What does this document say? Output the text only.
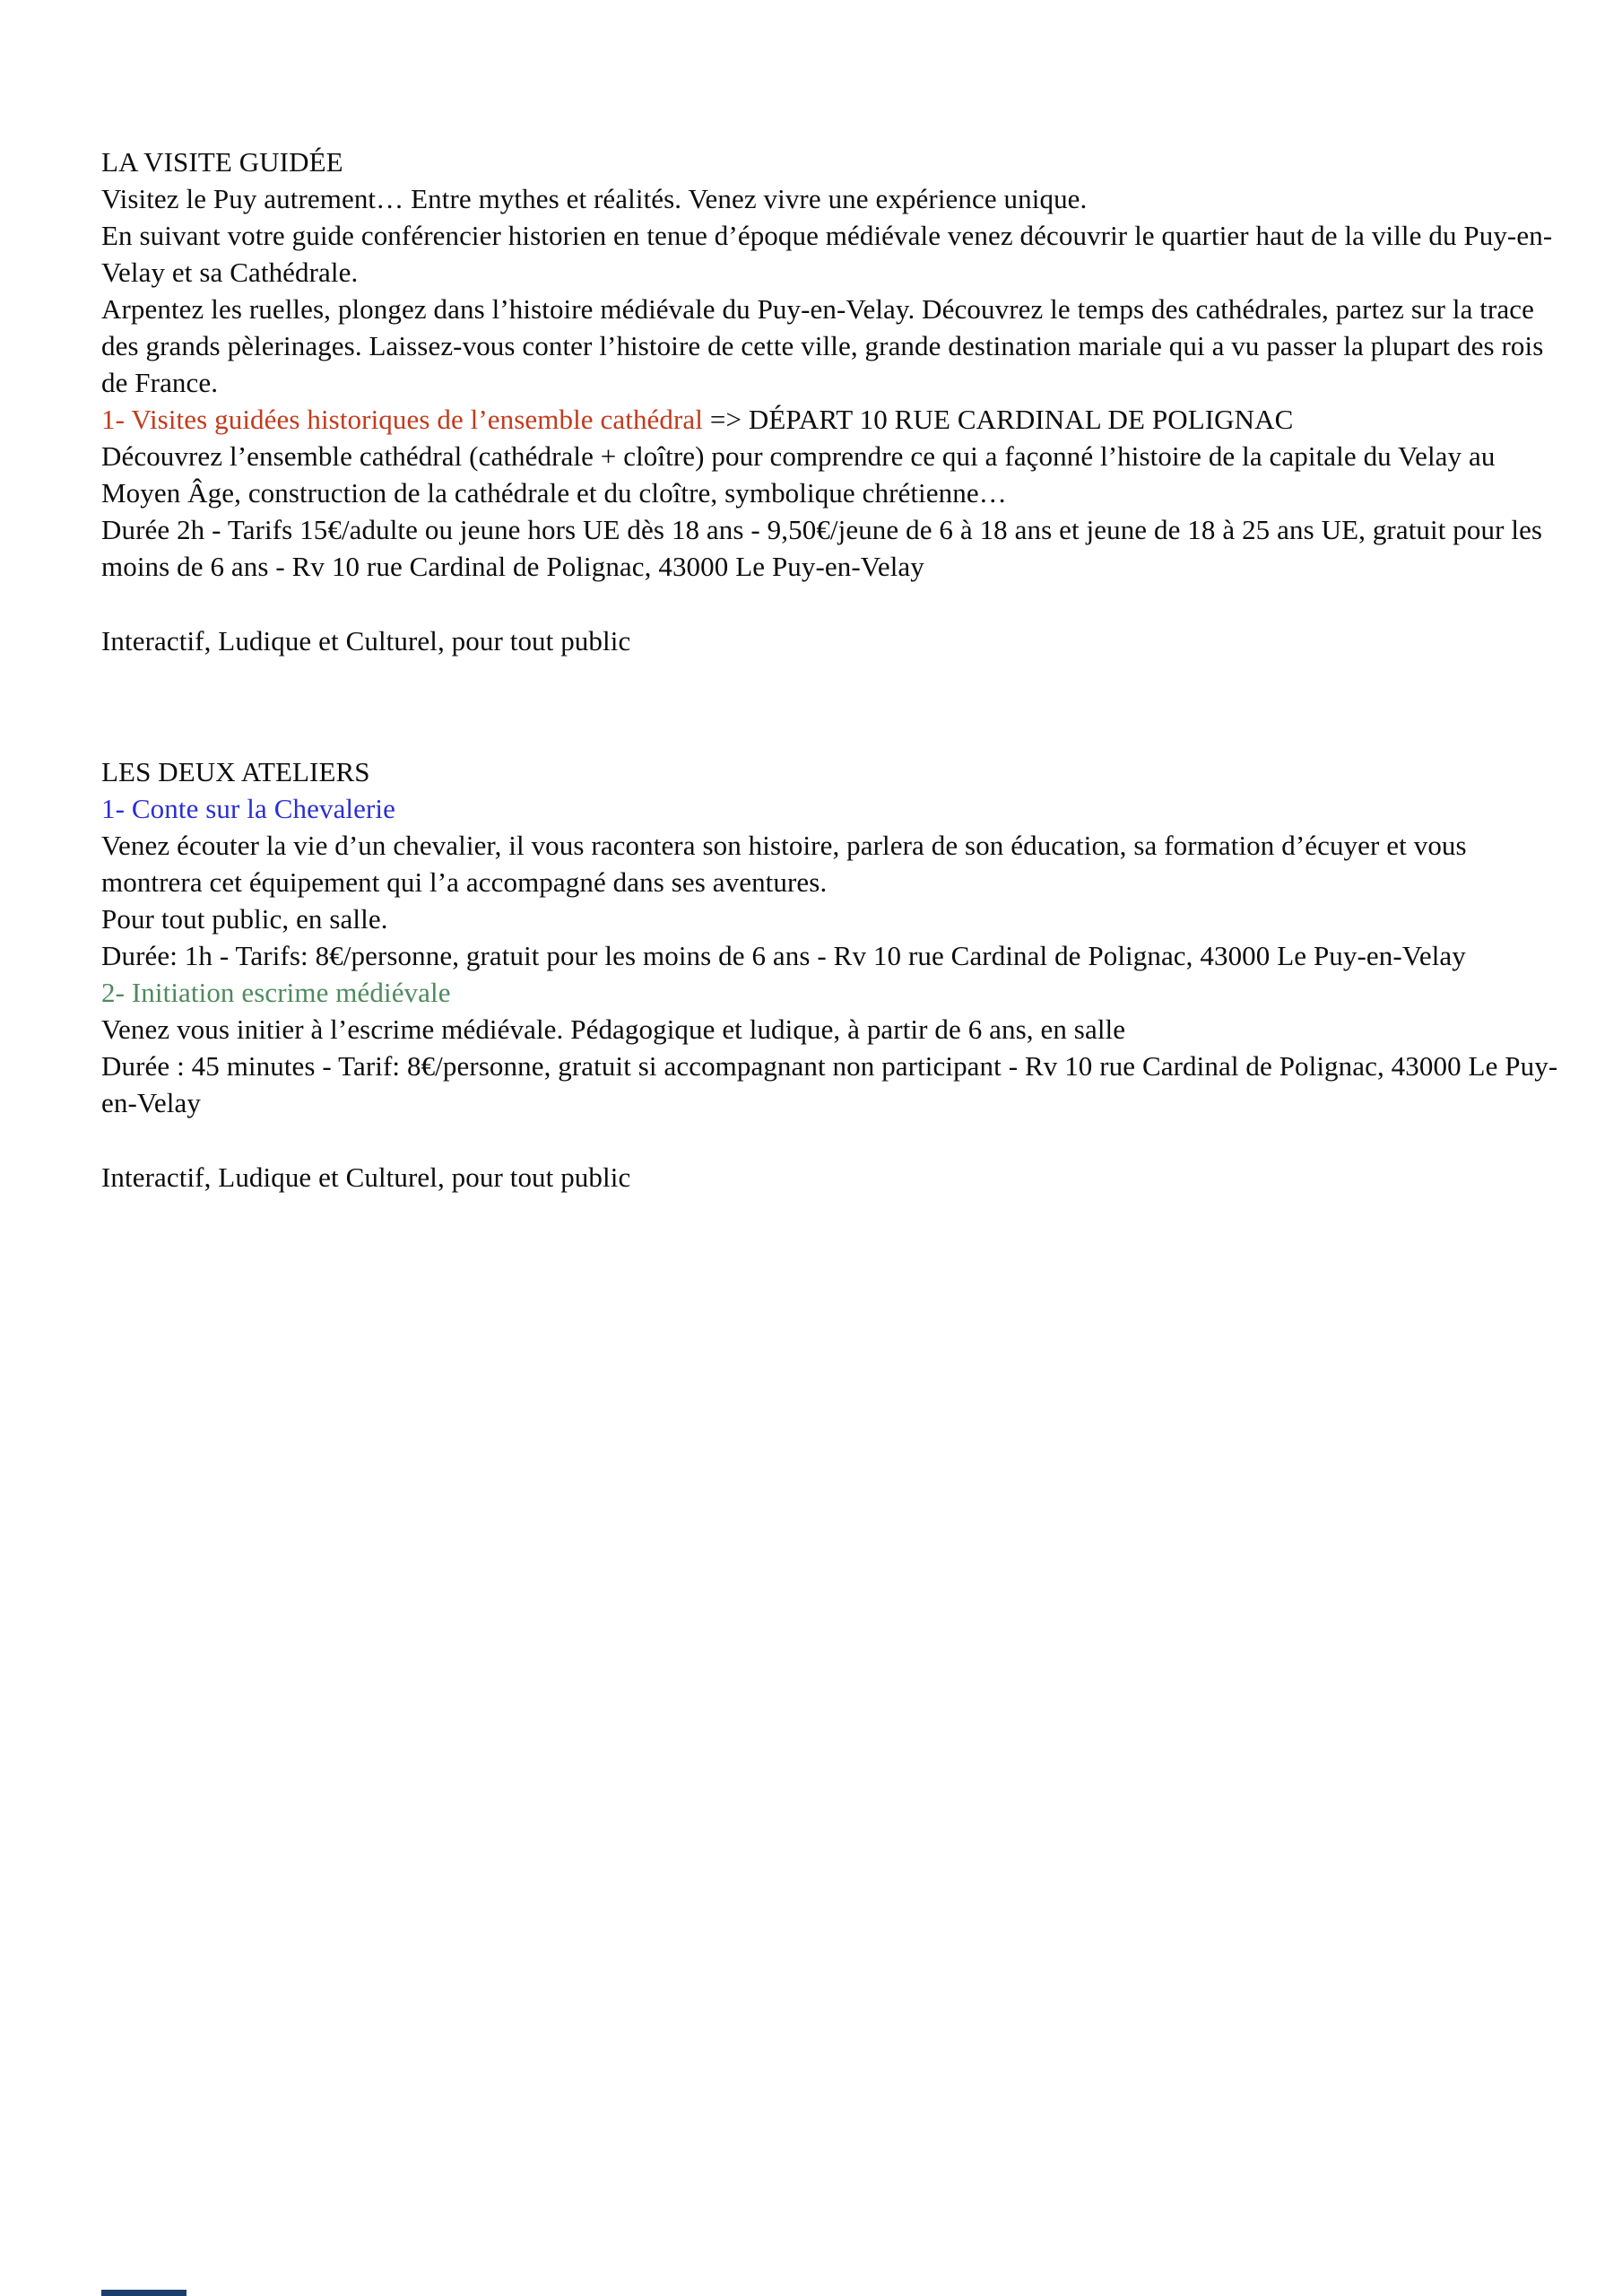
LA VISITE GUIDÉE

Visitez le Puy autrement… Entre mythes et réalités. Venez vivre une expérience unique.

En suivant votre guide conférencier historien en tenue d’époque médiévale venez découvrir le quartier haut de la ville du Puy-en-Velay et sa Cathédrale.

Arpentez les ruelles, plongez dans l’histoire médiévale du Puy-en-Velay. Découvrez le temps des cathédrales, partez sur la trace des grands pèlerinages. Laissez-vous conter l’histoire de cette ville, grande destination mariale qui a vu passer la plupart des rois de France.

1- Visites guidées historiques de l’ensemble cathédral => DÉPART 10 RUE CARDINAL DE POLIGNAC

Découvrez l’ensemble cathédral (cathédrale + cloître) pour comprendre ce qui a façonné l’histoire de la capitale du Velay au Moyen Âge, construction de la cathédrale et du cloître, symbolique chrétienne…

Durée 2h - Tarifs 15€/adulte ou jeune hors UE dès 18 ans - 9,50€/jeune de 6 à 18 ans et jeune de 18 à 25 ans UE, gratuit pour les moins de 6 ans - Rv 10 rue Cardinal de Polignac, 43000 Le Puy-en-Velay

Interactif, Ludique et Culturel, pour tout public

LES DEUX ATELIERS

1- Conte sur la Chevalerie

Venez écouter la vie d’un chevalier, il vous racontera son histoire, parlera de son éducation, sa formation d’écuyer et vous montrera cet équipement qui l’a accompagné dans ses aventures.

Pour tout public, en salle.

Durée: 1h - Tarifs: 8€/personne, gratuit pour les moins de 6 ans - Rv 10 rue Cardinal de Polignac, 43000 Le Puy-en-Velay

2- Initiation escrime médiévale

Venez vous initier à l’escrime médiévale. Pédagogique et ludique, à partir de 6 ans, en salle

Durée : 45 minutes - Tarif: 8€/personne, gratuit si accompagnant non participant - Rv 10 rue Cardinal de Polignac, 43000 Le Puy-en-Velay

Interactif, Ludique et Culturel, pour tout public
